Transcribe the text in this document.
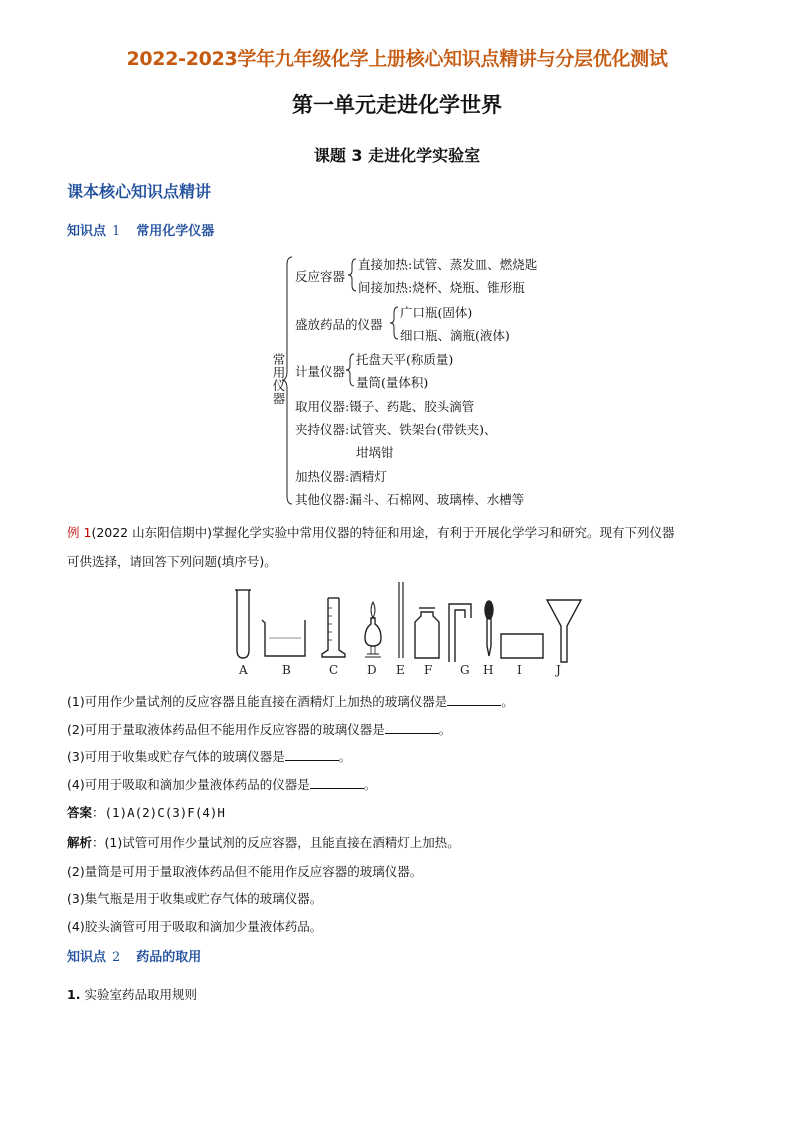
2022-2023学年九年级化学上册核心知识点精讲与分层优化测试
第一单元走进化学世界
课题 3 走进化学实验室
课本核心知识点精讲
知识点 1 常用化学仪器
常用仪器
反应容器
直接加热:试管、蒸发皿、燃烧匙
间接加热:烧杯、烧瓶、锥形瓶
盛放药品的仪器
广口瓶(固体)
细口瓶、滴瓶(液体)
计量仪器
托盘天平(称质量)
量筒(量体积)
取用仪器:镊子、药匙、胶头滴管
夹持仪器:试管夹、铁架台(带铁夹)、
坩埚钳
加热仪器:酒精灯
其他仪器:漏斗、石棉网、玻璃棒、水槽等
例 1(2022 山东阳信期中)掌握化学实验中常用仪器的特征和用途，有利于开展化学学习和研究。现有下列仪器
可供选择，请回答下列问题(填序号)。
A	B	C D E F G H I	J
(1)可用作少量试剂的反应容器且能直接在酒精灯上加热的玻璃仪器是	。
(2)可用于量取液体药品但不能用作反应容器的玻璃仪器是	。
(3)可用于收集或贮存气体的玻璃仪器是	。
(4)可用于吸取和滴加少量液体药品的仪器是	。
答案：(1)A(2)C(3)F(4)H
解析：(1)试管可用作少量试剂的反应容器，且能直接在酒精灯上加热。
(2)量筒是可用于量取液体药品但不能用作反应容器的玻璃仪器。
(3)集气瓶是用于收集或贮存气体的玻璃仪器。
(4)胶头滴管可用于吸取和滴加少量液体药品。
知识点 2 药品的取用
1. 实验室药品取用规则
